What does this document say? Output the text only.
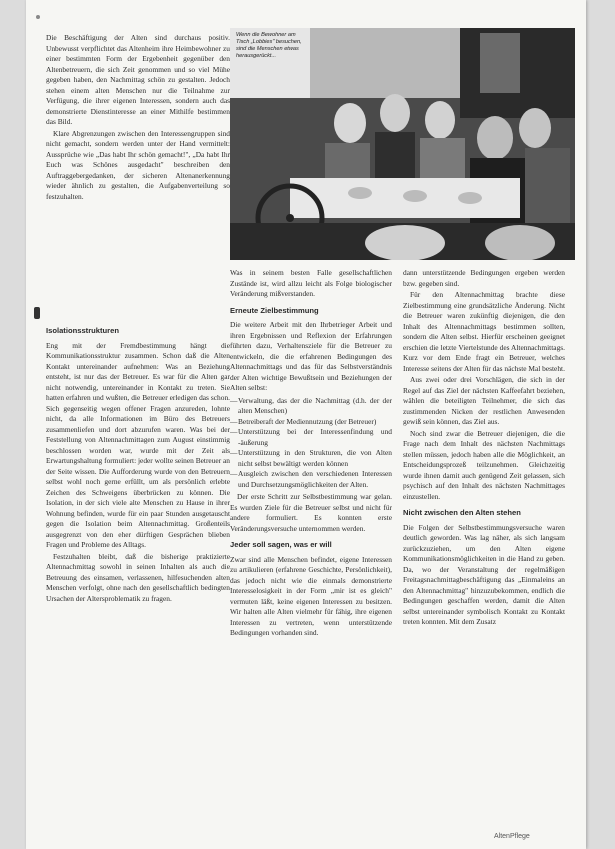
Wenn die Bewohner am Tisch „Lobbies" besuchen, sind die Menschen etwas herausgerückt...

Die Beschäftigung der Alten sind durchaus positiv. Unbewusst verpflichtet das Altenheim ihre Heimbewohner zu einer bestimmten Form der Ergebenheit gegenüber den Altenbetreuern, die sich Zeit genommen und so viel Mühe gegeben haben, den Nachmittag schön zu gestalten. Jedoch stehen einem alten Menschen nur die Teilnahme zur Verfügung, die ihrer eigenen Interessen, sondern auch das demonstrierte Dienstinteresse an einer Mithilfe bestimmen das Bild.

Klare Abgrenzungen zwischen den Interessengruppen sind nicht gemacht, sondern werden unter der Hand vermittelt: Aussprüche wie „Das habt Ihr schön gemacht!", „Da habt Ihr Euch was Schönes ausgedacht" beschreiben den Auftraggebergedanken, der sicheren Altenanerkennung wieder ähnlich zu gestalten, die Aufgabenverteilung so festzuhalten.

Isolationsstrukturen

Eng mit der Fremdbestimmung hängt die Kommunikationsstruktur zusammen. Schon daß die Alten Kontakt untereinander aufnehmen: Was an Beziehung entsteht, ist nur das der Betreuer. Es war für die Alten gar nicht notwendig, untereinander in Kontakt zu treten. Sie hatten erfahren und wußten, die Betreuer erledigen das schon. Sich gegenseitig wegen offener Fragen anzureden, lohnte nicht, da alle Informationen im Büro des Betreuers zusammenliefen und dort abzurufen waren. Was bei der Feststellung von Altennachmittagen zum August einstimmig beschlossen worden war, wurde mit der Zeit als Erwartungshaltung formuliert: jeder wollte seinen Betreuer an der Seite wissen. Die Aufforderung wurde von den Betreuern selbst wohl noch gerne erfüllt, um als persönlich erlebte Zeichen des Schweigens überbrücken zu können. Die Isolation, in der sich viele alte Menschen zu Hause in ihrer Wohnung befinden, wurde für ein paar Stunden ausgetauscht gegen die Isolation beim Altennachmittag. Großenteils ausgegrenzt von den eher dürftigen Gesprächen blieben Fragen und Probleme des Alltags.

Festzuhalten bleibt, daß die bisherige praktizierte Altennachmittag sowohl in seinen Inhalten als auch die Betreuung des einsamen, verlassenen, hilfesuchenden alten Menschen verfolgt, ohne nach den gesellschaftlich bedingten Ursachen der Altersproblematik zu fragen.

Was in seinem besten Falle gesellschaftlichen Zustände ist, wird allzu leicht als Folge biologischer Veränderung mißverstanden.

Erneute Zielbestimmung

Die weitere Arbeit mit den Ihrbetrieger Arbeit und ihren Ergebnissen und Reflexion der Erfahrungen führten dazu, Verhaltensziele für die Betreuer zu entwickeln, die die erfahrenen Bedingungen des Altennachmittags und das für das Selbstverständnis der Alten wichtige Bewußtsein und Beziehungen der Alten selbst:

— Verwaltung, das der die Nachmittag (d.h. der der alten Menschen)
— Betreiberaft der Mediennutzung (der Betreuer)
— Unterstützung bei der Interessenfindung und -äußerung
— Unterstützung in den Strukturen, die von Alten nicht selbst bewältigt werden können
— Ausgleich zwischen den verschiedenen Interessen und Durchsetzungsmöglichkeiten der Alten.

Der erste Schritt zur Selbstbestimmung war gelan. Es wurden Ziele für die Betreuer selbst und nicht für andere formuliert. Es konnten erste Veränderungsversuche unternommen werden.

Jeder soll sagen, was er will

Zwar sind alle Menschen befindet, eigene Interessen zu artikulieren (erfahrene Geschichte, Persönlichkeit), das jedoch nicht wie die einmals demonstrierte Interesselosigkeit in der Form „mir ist es gleich" vermuten läßt, keine eigenen Interessen zu besitzen. Wir halten alle Alten vielmehr für fähig, ihre eigenen Interessen zu vertreten, wenn unterstützende Bedingungen vorhanden sind.

dann unterstützende Bedingungen ergeben werden bzw. gegeben sind.

Für den Altennachmittag brachte diese Zielbestimmung eine grundsätzliche Änderung. Nicht die Betreuer waren zukünftig diejenigen, die den Inhalt des Altennachmittags bestimmen sollten, sondern die Alten selbst. Hierfür erscheinen geeignet erschien die letzte Viertelstunde des Altennachmittags. Kurz vor dem Ende fragt ein Betreuer, welches Interesse seitens der Alten für das nächste Mal besteht.

Aus zwei oder drei Vorschlägen, die sich in der Regel auf das Ziel der nächsten Kaffeefahrt beziehen, wählen die beteiligten Teilnehmer, die sich das zustimmenden Nicken der restlichen Anwesenden gewiß sein können, das Ziel aus.

Noch sind zwar die Betreuer diejenigen, die die Frage nach dem Inhalt des nächsten Nachmittags stellen müssen, jedoch haben alle die Möglichkeit, an Entscheidungsprozeß teilzunehmen. Gleichzeitig wurde ihnen damit auch genügend Zeit gelassen, sich psychisch auf den Inhalt des nächsten Nachmittages einzustellen.

Nicht zwischen den Alten stehen

Die Folgen der Selbstbestimmungsversuche waren deutlich geworden. Was lag näher, als sich langsam zurückzuziehen, um den Alten eigene Kommunikationsmöglichkeiten in die Hand zu geben. Da, wo der Veranstaltung der regelmäßigen Freitagsnachmittagbeschäftigung das „Einmaleins an den Altennachmittag" hinzuzubekommen, endlich die Bedingungen geschaffen werden, damit die Alten selbst untereinander symbolisch Kontakt zu Kontakt treten konnten. Mit dem Zusatz

AltenPflege
